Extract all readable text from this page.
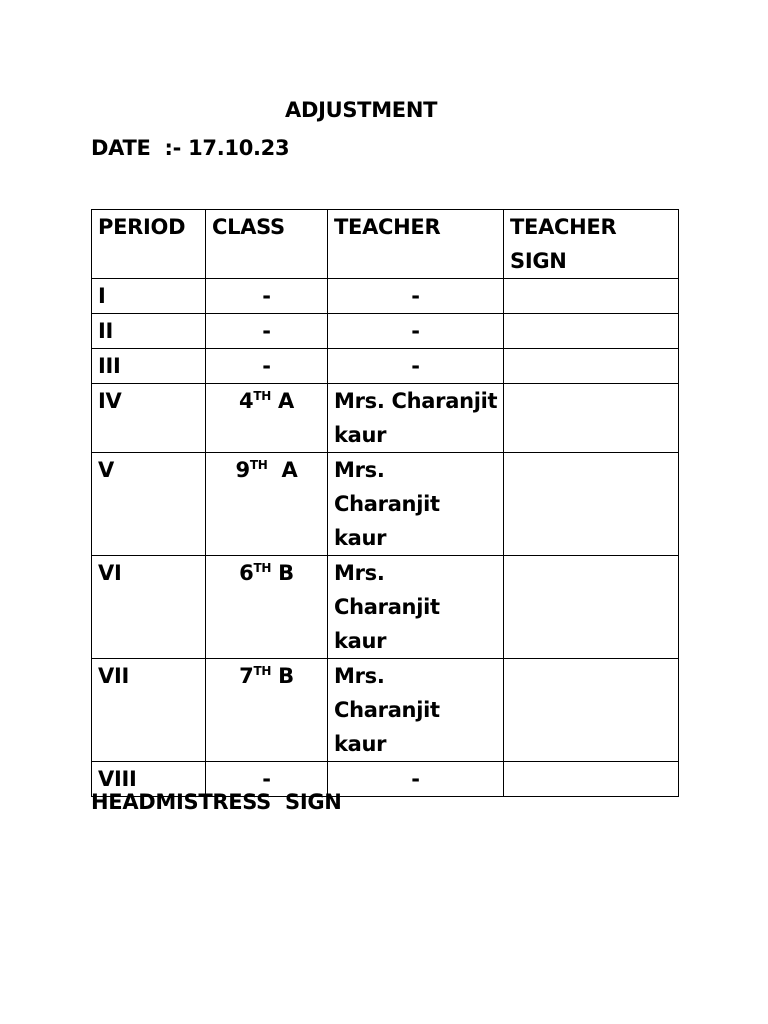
ADJUSTMENT
DATE  :- 17.10.23
PERIOD	CLASS	TEACHER	TEACHER SIGN
I	-	-	
II	-	-	
III	-	-	
IV	4TH A	Mrs. Charanjit kaur	
V	9TH  A	Mrs. Charanjit kaur	
VI	6TH B	Mrs. Charanjit kaur	
VII	7TH B	Mrs. Charanjit kaur	
VIII	-	-	
HEADMISTRESS  SIGN
